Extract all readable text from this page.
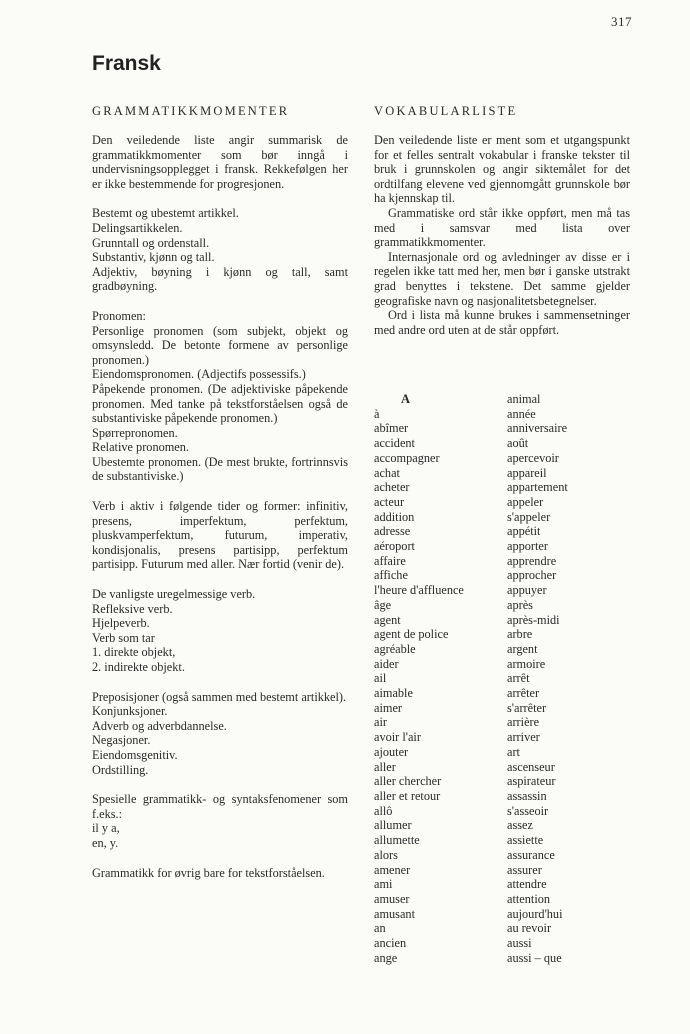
317
Fransk
GRAMMATIKKMOMENTER

Den veiledende liste angir summarisk de grammatikkmomenter som bør inngå i undervisningsopplegget i fransk. Rekkefølgen her er ikke bestemmende for progresjonen.

Bestemt og ubestemt artikkel.

Delingsartikkelen.

Grunntall og ordenstall.

Substantiv, kjønn og tall.

Adjektiv, bøyning i kjønn og tall, samt gradbøyning.

Pronomen:

Personlige pronomen (som subjekt, objekt og omsynsledd. De betonte formene av personlige pronomen.)

Eiendomspronomen. (Adjectifs possessifs.)

Påpekende pronomen. (De adjektiviske påpekende pronomen. Med tanke på tekstforståelsen også de substantiviske påpekende pronomen.)

Spørrepronomen.

Relative pronomen.

Ubestemte pronomen. (De mest brukte, fortrinnsvis de substantiviske.)

Verb i aktiv i følgende tider og former: infinitiv, presens, imperfektum, perfektum, pluskvamperfektum, futurum, imperativ, kondisjonalis, presens partisipp, perfektum partisipp. Futurum med aller. Nær fortid (venir de).

De vanligste uregelmessige verb.

Refleksive verb.

Hjelpeverb.

Verb som tar

1. direkte objekt,

2. indirekte objekt.

Preposisjoner (også sammen med bestemt artikkel).

Konjunksjoner.

Adverb og adverbdannelse.

Negasjoner.

Eiendomsgenitiv.

Ordstilling.

Spesielle grammatikk- og syntaksfenomener som f.eks.:

il y a,

en, y.

Grammatikk for øvrig bare for tekstforståelsen.

VOKABULARLISTE

Den veiledende liste er ment som et utgangspunkt for et felles sentralt vokabular i franske tekster til bruk i grunnskolen og angir siktemålet for det ordtilfang elevene ved gjennomgått grunnskole bør ha kjennskap til.

Grammatiske ord står ikke oppført, men må tas med i samsvar med lista over grammatikkmomenter.

Internasjonale ord og avledninger av disse er i regelen ikke tatt med her, men bør i ganske utstrakt grad benyttes i tekstene. Det samme gjelder geografiske navn og nasjonalitetsbetegnelser.

Ord i lista må kunne brukes i sammensetninger med andre ord uten at de står oppført.

A
à
abîmer
accident
accompagner
achat
acheter
acteur
addition
adresse
aéroport
affaire
affiche
l'heure d'affluence
âge
agent
agent de police
agréable
aider
ail
aimable
aimer
air
avoir l'air
ajouter
aller
aller chercher
aller et retour
allô
allumer
allumette
alors
amener
ami
amuser
amusant
an
ancien
ange
animal
année
anniversaire
août
apercevoir
appareil
appartement
appeler
s'appeler
appétit
apporter
apprendre
approcher
appuyer
après
après-midi
arbre
argent
armoire
arrêt
arrêter
s'arrêter
arrière
arriver
art
ascenseur
aspirateur
assassin
s'asseoir
assez
assiette
assurance
assurer
attendre
attention
aujourd'hui
au revoir
aussi
aussi – que
